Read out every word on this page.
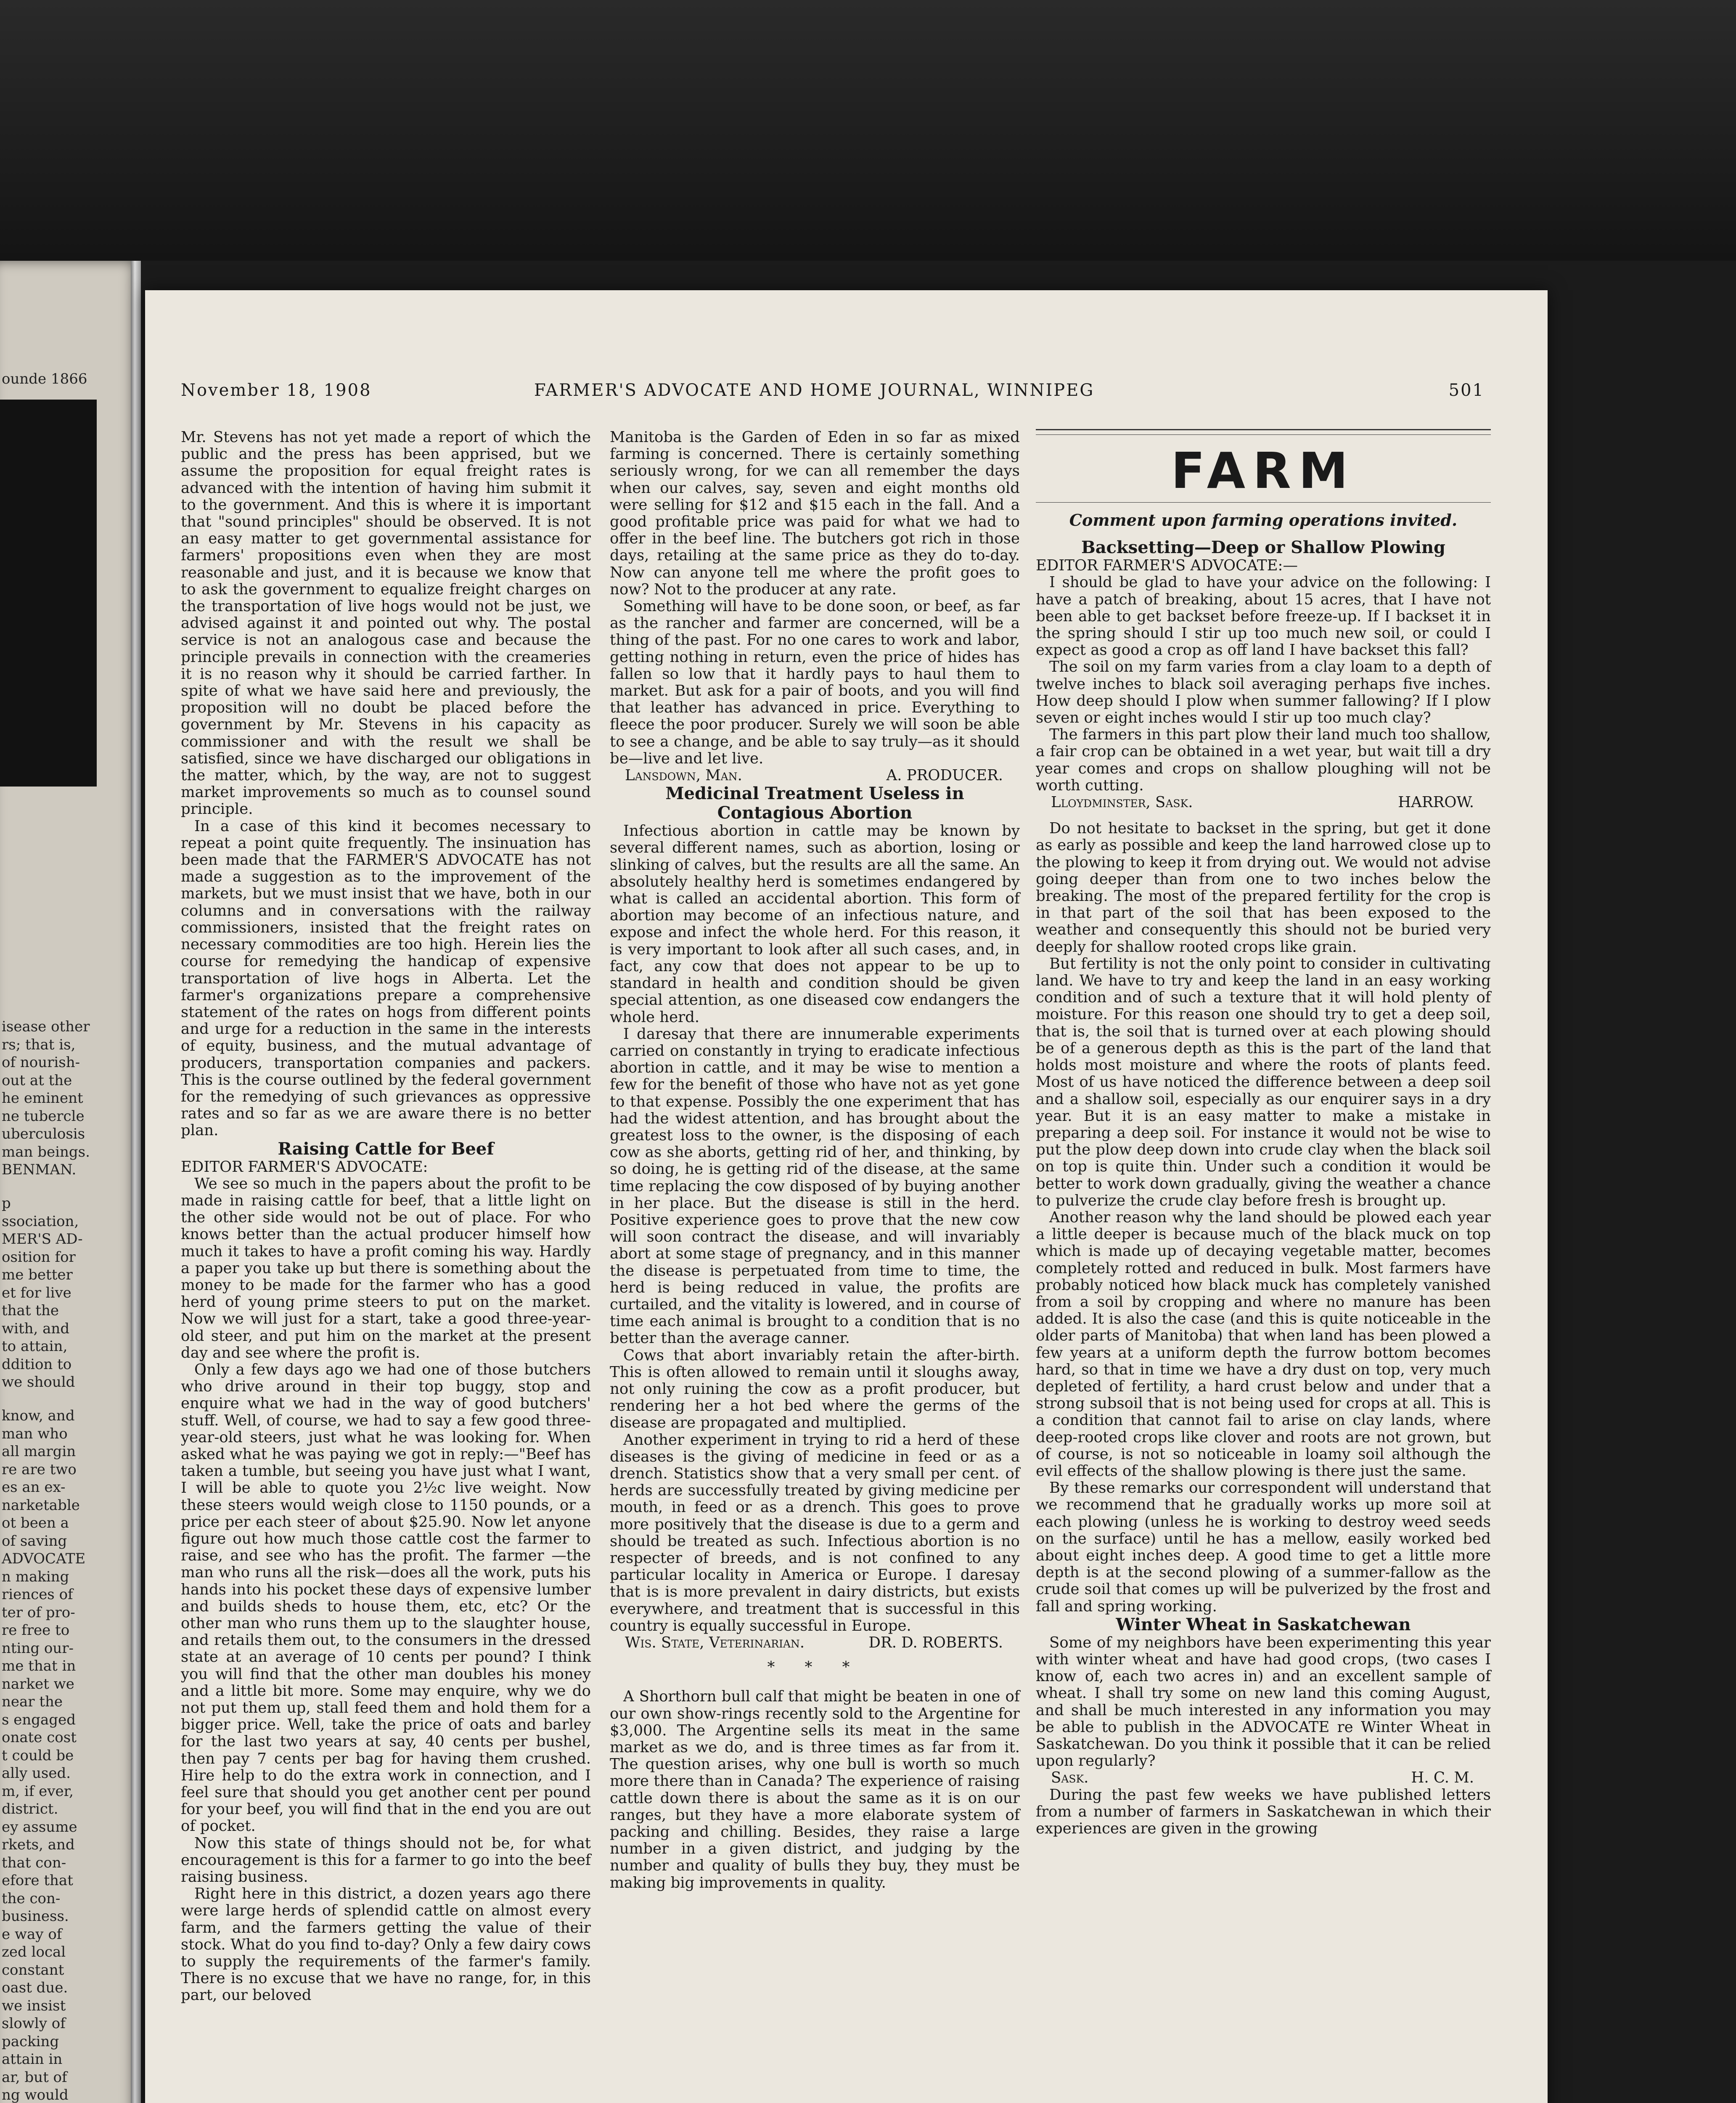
ounde 1866
isease other
rs; that is,
of nourish-
out at the
he eminent
ne tubercle
uberculosis
man beings.
BENMAN.
p
ssociation,
MER'S AD-
osition for
me better
et for live
that the
with, and
to attain,
ddition to
we should
know, and
man who
all margin
re are two
es an ex-
narketable
ot been a
of saving
ADVOCATE
n making
riences of
ter of pro-
re free to
nting our-
me that in
narket we
near the
s engaged
onate cost
t could be
ally used.
m, if ever,
district.
ey assume
rkets, and
that con-
efore that
the con-
business.
e way of
zed local
constant
oast due.
we insist
slowly of
packing
attain in
ar, but of
ng would
November 18, 1908	FARMER'S ADVOCATE AND HOME JOURNAL, WINNIPEG	501

Mr. Stevens has not yet made a report of which the public and the press has been apprised, but we assume the proposition for equal freight rates is advanced with the intention of having him submit it to the government. And this is where it is important that "sound principles" should be observed. It is not an easy matter to get governmental assistance for farmers' propositions even when they are most reasonable and just, and it is because we know that to ask the government to equalize freight charges on the transportation of live hogs would not be just, we advised against it and pointed out why. The postal service is not an analogous case and because the principle prevails in connection with the creameries it is no reason why it should be carried farther. In spite of what we have said here and previously, the proposition will no doubt be placed before the government by Mr. Stevens in his capacity as commissioner and with the result we shall be satisfied, since we have discharged our obligations in the matter, which, by the way, are not to suggest market improvements so much as to counsel sound principle.

In a case of this kind it becomes necessary to repeat a point quite frequently. The insinuation has been made that the FARMER'S ADVOCATE has not made a suggestion as to the improvement of the markets, but we must insist that we have, both in our columns and in conversations with the railway commissioners, insisted that the freight rates on necessary commodities are too high. Herein lies the course for remedying the handicap of expensive transportation of live hogs in Alberta. Let the farmer's organizations prepare a comprehensive statement of the rates on hogs from different points and urge for a reduction in the same in the interests of equity, business, and the mutual advantage of producers, transportation companies and packers. This is the course outlined by the federal government for the remedying of such grievances as oppressive rates and so far as we are aware there is no better plan.

Raising Cattle for Beef

EDITOR FARMER'S ADVOCATE:

We see so much in the papers about the profit to be made in raising cattle for beef, that a little light on the other side would not be out of place. For who knows better than the actual producer himself how much it takes to have a profit coming his way. Hardly a paper you take up but there is something about the money to be made for the farmer who has a good herd of young prime steers to put on the market. Now we will just for a start, take a good three-year-old steer, and put him on the market at the present day and see where the profit is.

Only a few days ago we had one of those butchers who drive around in their top buggy, stop and enquire what we had in the way of good butchers' stuff. Well, of course, we had to say a few good three-year-old steers, just what he was looking for. When asked what he was paying we got in reply:—"Beef has taken a tumble, but seeing you have just what I want, I will be able to quote you 2½c live weight. Now these steers would weigh close to 1150 pounds, or a price per each steer of about $25.90. Now let anyone figure out how much those cattle cost the farmer to raise, and see who has the profit. The farmer —the man who runs all the risk—does all the work, puts his hands into his pocket these days of expensive lumber and builds sheds to house them, etc, etc? Or the other man who runs them up to the slaughter house, and retails them out, to the consumers in the dressed state at an average of 10 cents per pound? I think you will find that the other man doubles his money and a little bit more. Some may enquire, why we do not put them up, stall feed them and hold them for a bigger price. Well, take the price of oats and barley for the last two years at say, 40 cents per bushel, then pay 7 cents per bag for having them crushed. Hire help to do the extra work in connection, and I feel sure that should you get another cent per pound for your beef, you will find that in the end you are out of pocket.

Now this state of things should not be, for what encouragement is this for a farmer to go into the beef raising business.

Right here in this district, a dozen years ago there were large herds of splendid cattle on almost every farm, and the farmers getting the value of their stock. What do you find to-day? Only a few dairy cows to supply the requirements of the farmer's family. There is no excuse that we have no range, for, in this part, our beloved

Manitoba is the Garden of Eden in so far as mixed farming is concerned. There is certainly something seriously wrong, for we can all remember the days when our calves, say, seven and eight months old were selling for $12 and $15 each in the fall. And a good profitable price was paid for what we had to offer in the beef line. The butchers got rich in those days, retailing at the same price as they do to-day. Now can anyone tell me where the profit goes to now? Not to the producer at any rate.

Something will have to be done soon, or beef, as far as the rancher and farmer are concerned, will be a thing of the past. For no one cares to work and labor, getting nothing in return, even the price of hides has fallen so low that it hardly pays to haul them to market. But ask for a pair of boots, and you will find that leather has advanced in price. Everything to fleece the poor producer. Surely we will soon be able to see a change, and be able to say truly—as it should be—live and let live.

Lansdown, Man.	A. PRODUCER.

Medicinal Treatment Useless in Contagious Abortion

Infectious abortion in cattle may be known by several different names, such as abortion, losing or slinking of calves, but the results are all the same. An absolutely healthy herd is sometimes endangered by what is called an accidental abortion. This form of abortion may become of an infectious nature, and expose and infect the whole herd. For this reason, it is very important to look after all such cases, and, in fact, any cow that does not appear to be up to standard in health and condition should be given special attention, as one diseased cow endangers the whole herd.

I daresay that there are innumerable experiments carried on constantly in trying to eradicate infectious abortion in cattle, and it may be wise to mention a few for the benefit of those who have not as yet gone to that expense. Possibly the one experiment that has had the widest attention, and has brought about the greatest loss to the owner, is the disposing of each cow as she aborts, getting rid of her, and thinking, by so doing, he is getting rid of the disease, at the same time replacing the cow disposed of by buying another in her place. But the disease is still in the herd. Positive experience goes to prove that the new cow will soon contract the disease, and will invariably abort at some stage of pregnancy, and in this manner the disease is perpetuated from time to time, the herd is being reduced in value, the profits are curtailed, and the vitality is lowered, and in course of time each animal is brought to a condition that is no better than the average canner.

Cows that abort invariably retain the after-birth. This is often allowed to remain until it sloughs away, not only ruining the cow as a profit producer, but rendering her a hot bed where the germs of the disease are propagated and multiplied.

Another experiment in trying to rid a herd of these diseases is the giving of medicine in feed or as a drench. Statistics show that a very small per cent. of herds are successfully treated by giving medicine per mouth, in feed or as a drench. This goes to prove more positively that the disease is due to a germ and should be treated as such. Infectious abortion is no respecter of breeds, and is not confined to any particular locality in America or Europe. I daresay that is is more prevalent in dairy districts, but exists everywhere, and treatment that is successful in this country is equally successful in Europe.

Wis. State, Veterinarian.	DR. D. ROBERTS.
* * *

A Shorthorn bull calf that might be beaten in one of our own show-rings recently sold to the Argentine for $3,000. The Argentine sells its meat in the same market as we do, and is three times as far from it. The question arises, why one bull is worth so much more there than in Canada? The experience of raising cattle down there is about the same as it is on our ranges, but they have a more elaborate system of packing and chilling. Besides, they raise a large number in a given district, and judging by the number and quality of bulls they buy, they must be making big improvements in quality.

FARM
Comment upon farming operations invited.

Backsetting—Deep or Shallow Plowing

EDITOR FARMER'S ADVOCATE:—

I should be glad to have your advice on the following: I have a patch of breaking, about 15 acres, that I have not been able to get backset before freeze-up. If I backset it in the spring should I stir up too much new soil, or could I expect as good a crop as off land I have backset this fall?

The soil on my farm varies from a clay loam to a depth of twelve inches to black soil averaging perhaps five inches. How deep should I plow when summer fallowing? If I plow seven or eight inches would I stir up too much clay?

The farmers in this part plow their land much too shallow, a fair crop can be obtained in a wet year, but wait till a dry year comes and crops on shallow ploughing will not be worth cutting.

Lloydminster, Sask.	HARROW.

Do not hesitate to backset in the spring, but get it done as early as possible and keep the land harrowed close up to the plowing to keep it from drying out. We would not advise going deeper than from one to two inches below the breaking. The most of the prepared fertility for the crop is in that part of the soil that has been exposed to the weather and consequently this should not be buried very deeply for shallow rooted crops like grain.

But fertility is not the only point to consider in cultivating land. We have to try and keep the land in an easy working condition and of such a texture that it will hold plenty of moisture. For this reason one should try to get a deep soil, that is, the soil that is turned over at each plowing should be of a generous depth as this is the part of the land that holds most moisture and where the roots of plants feed. Most of us have noticed the difference between a deep soil and a shallow soil, especially as our enquirer says in a dry year. But it is an easy matter to make a mistake in preparing a deep soil. For instance it would not be wise to put the plow deep down into crude clay when the black soil on top is quite thin. Under such a condition it would be better to work down gradually, giving the weather a chance to pulverize the crude clay before fresh is brought up.

Another reason why the land should be plowed each year a little deeper is because much of the black muck on top which is made up of decaying vegetable matter, becomes completely rotted and reduced in bulk. Most farmers have probably noticed how black muck has completely vanished from a soil by cropping and where no manure has been added. It is also the case (and this is quite noticeable in the older parts of Manitoba) that when land has been plowed a few years at a uniform depth the furrow bottom becomes hard, so that in time we have a dry dust on top, very much depleted of fertility, a hard crust below and under that a strong subsoil that is not being used for crops at all. This is a condition that cannot fail to arise on clay lands, where deep-rooted crops like clover and roots are not grown, but of course, is not so noticeable in loamy soil although the evil effects of the shallow plowing is there just the same.

By these remarks our correspondent will understand that we recommend that he gradually works up more soil at each plowing (unless he is working to destroy weed seeds on the surface) until he has a mellow, easily worked bed about eight inches deep. A good time to get a little more depth is at the second plowing of a summer-fallow as the crude soil that comes up will be pulverized by the frost and fall and spring working.

Winter Wheat in Saskatchewan

Some of my neighbors have been experimenting this year with winter wheat and have had good crops, (two cases I know of, each two acres in) and an excellent sample of wheat. I shall try some on new land this coming August, and shall be much interested in any information you may be able to publish in the ADVOCATE re Winter Wheat in Saskatchewan. Do you think it possible that it can be relied upon regularly?

Sask.	H. C. M.

During the past few weeks we have published letters from a number of farmers in Saskatchewan in which their experiences are given in the growing
